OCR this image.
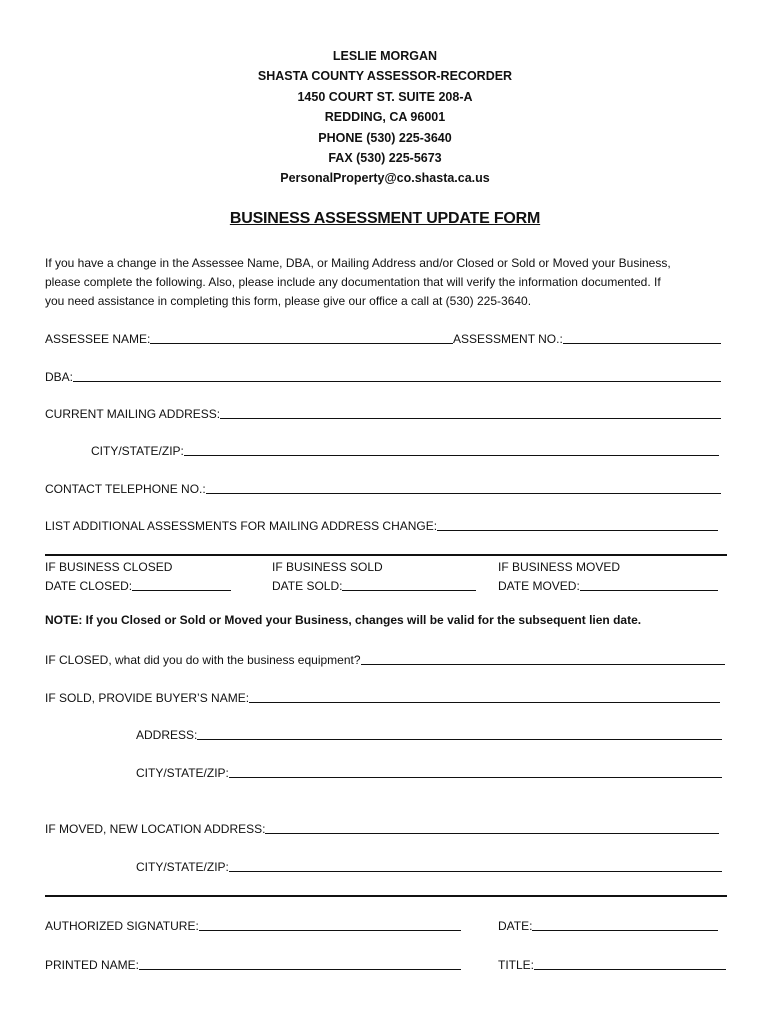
LESLIE MORGAN
SHASTA COUNTY ASSESSOR-RECORDER
1450 COURT ST. SUITE 208-A
REDDING, CA 96001
PHONE (530) 225-3640
FAX (530) 225-5673
PersonalProperty@co.shasta.ca.us
BUSINESS ASSESSMENT UPDATE FORM
If you have a change in the Assessee Name, DBA, or Mailing Address and/or Closed or Sold or Moved your Business,
please complete the following. Also, please include any documentation that will verify the information documented. If
you need assistance in completing this form, please give our office a call at (530) 225-3640.
ASSESSEE NAME:	ASSESSMENT NO.:
DBA:
CURRENT MAILING ADDRESS:
CITY/STATE/ZIP:
CONTACT TELEPHONE NO.:
LIST ADDITIONAL ASSESSMENTS FOR MAILING ADDRESS CHANGE:
IF BUSINESS CLOSED
DATE CLOSED:
IF BUSINESS SOLD
DATE SOLD:
IF BUSINESS MOVED
DATE MOVED:
NOTE: If you Closed or Sold or Moved your Business, changes will be valid for the subsequent lien date.
IF CLOSED, what did you do with the business equipment?
IF SOLD, PROVIDE BUYER’S NAME:
ADDRESS:
CITY/STATE/ZIP:
IF MOVED, NEW LOCATION ADDRESS:
CITY/STATE/ZIP:
AUTHORIZED SIGNATURE:	DATE:
PRINTED NAME:	TITLE:
